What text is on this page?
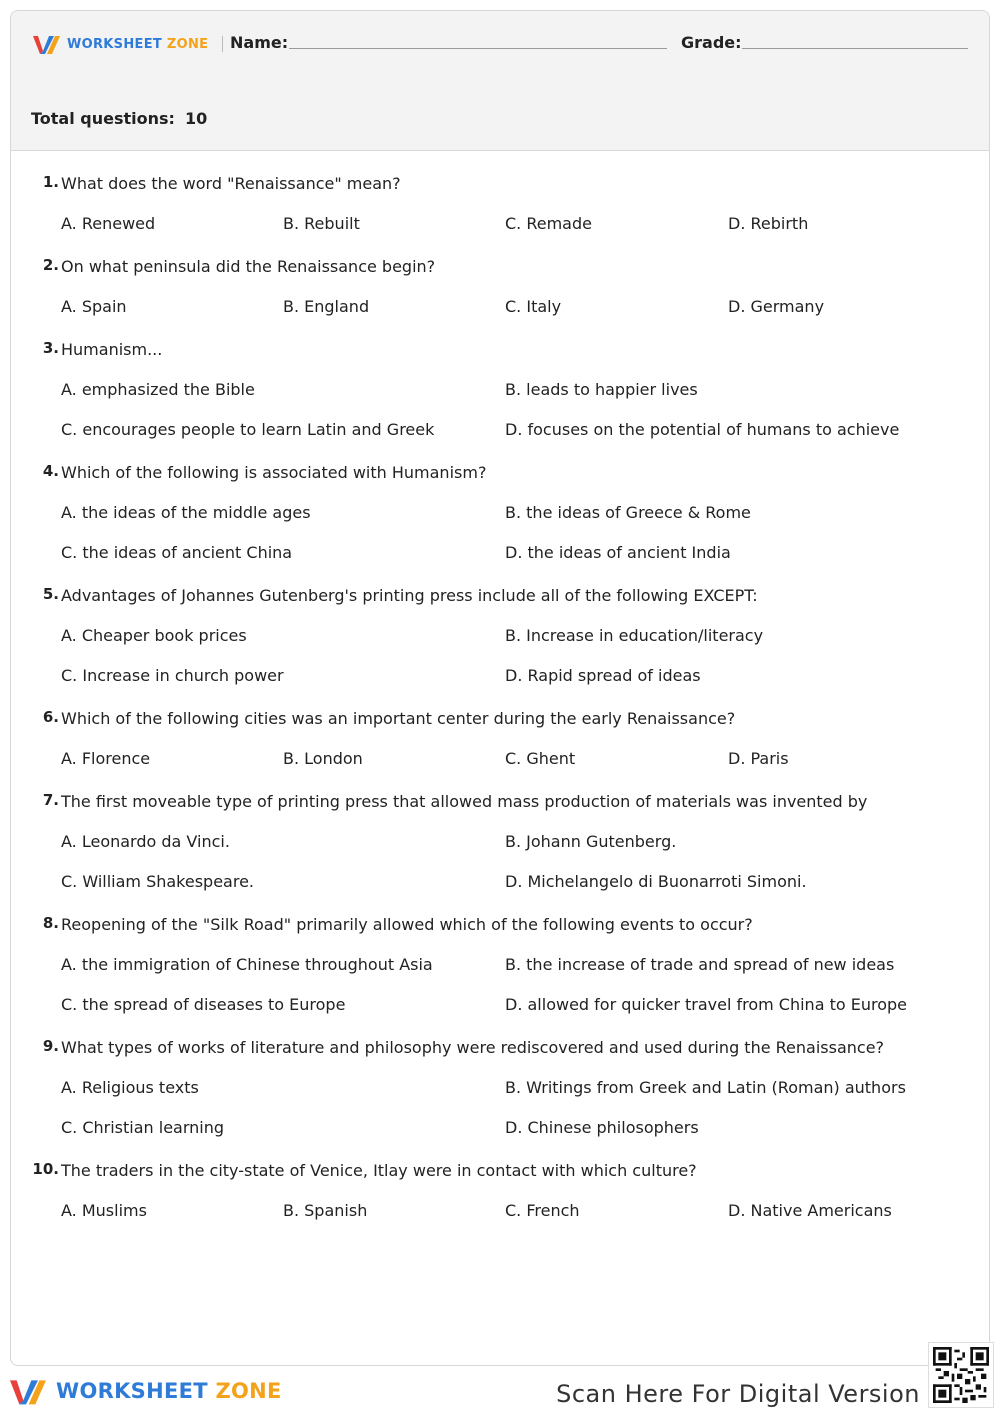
WORKSHEET ZONE Name:	Grade:
Total questions: 10
1. What does the word "Renaissance" mean?
A. Renewed	B. Rebuilt	C. Remade	D. Rebirth
2. On what peninsula did the Renaissance begin?
A. Spain	B. England	C. Italy	D. Germany
3. Humanism...
A. emphasized the Bible	B. leads to happier lives
C. encourages people to learn Latin and Greek	D. focuses on the potential of humans to achieve
4. Which of the following is associated with Humanism?
A. the ideas of the middle ages	B. the ideas of Greece & Rome
C. the ideas of ancient China	D. the ideas of ancient India
5. Advantages of Johannes Gutenberg's printing press include all of the following EXCEPT:
A. Cheaper book prices	B. Increase in education/literacy
C. Increase in church power	D. Rapid spread of ideas
6. Which of the following cities was an important center during the early Renaissance?
A. Florence	B. London	C. Ghent	D. Paris
7. The first moveable type of printing press that allowed mass production of materials was invented by
A. Leonardo da Vinci.	B. Johann Gutenberg.
C. William Shakespeare.	D. Michelangelo di Buonarroti Simoni.
8. Reopening of the "Silk Road" primarily allowed which of the following events to occur?
A. the immigration of Chinese throughout Asia	B. the increase of trade and spread of new ideas
C. the spread of diseases to Europe	D. allowed for quicker travel from China to Europe
9. What types of works of literature and philosophy were rediscovered and used during the Renaissance?
A. Religious texts	B. Writings from Greek and Latin (Roman) authors
C. Christian learning	D. Chinese philosophers
10. The traders in the city-state of Venice, Itlay were in contact with which culture?
A. Muslims	B. Spanish	C. French	D. Native Americans
WORKSHEET ZONE	Scan Here For Digital Version
